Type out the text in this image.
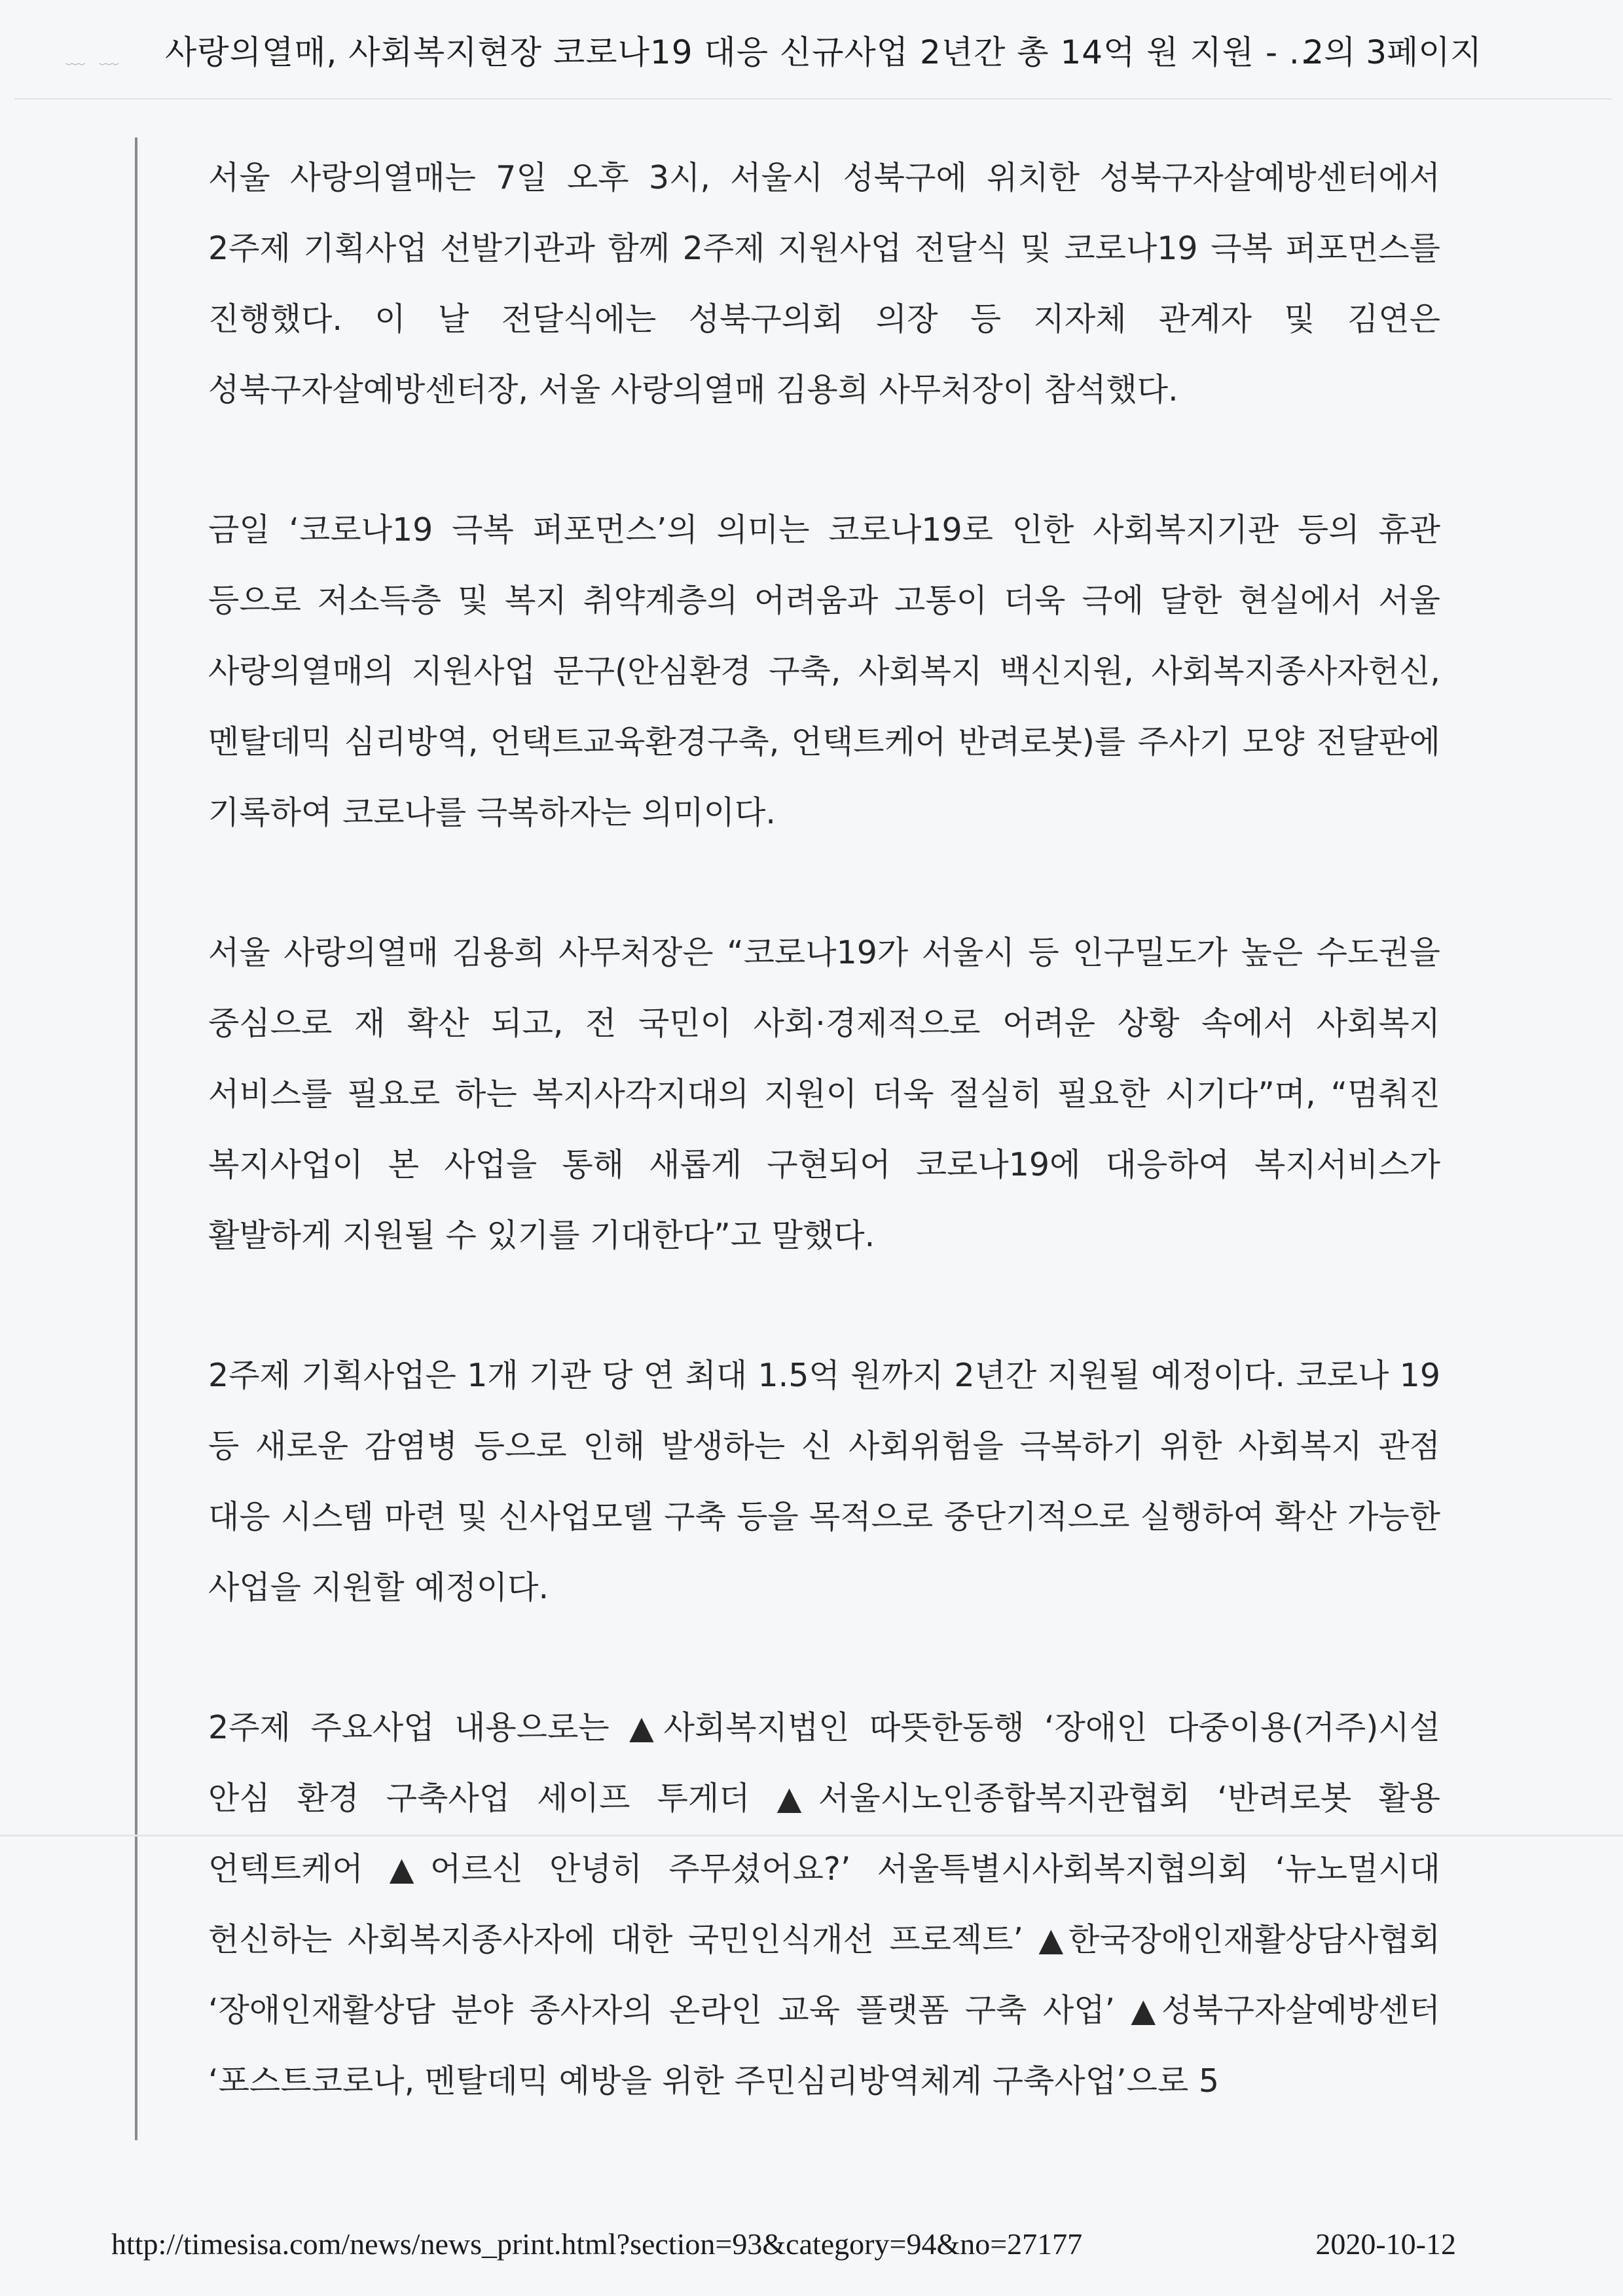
﹏ ﹏	사랑의열매, 사회복지현장 코로나19 대응 신규사업 2년간 총 14억 원 지원 - ...
2의 3페이지

서울 사랑의열매는 7일 오후 3시, 서울시 성북구에 위치한 성북구자살예방센터에서 2주제 기획사업 선발기관과 함께 2주제 지원사업 전달식 및 코로나19 극복 퍼포먼스를 진행했다. 이 날 전달식에는 성북구의회 의장 등 지자체 관계자 및 김연은 성북구자살예방센터장, 서울 사랑의열매 김용희 사무처장이 참석했다.

금일 ‘코로나19 극복 퍼포먼스’의 의미는 코로나19로 인한 사회복지기관 등의 휴관 등으로 저소득층 및 복지 취약계층의 어려움과 고통이 더욱 극에 달한 현실에서 서울 사랑의열매의 지원사업 문구(안심환경 구축, 사회복지 백신지원, 사회복지종사자헌신, 멘탈데믹 심리방역, 언택트교육환경구축, 언택트케어 반려로봇)를 주사기 모양 전달판에 기록하여 코로나를 극복하자는 의미이다.

서울 사랑의열매 김용희 사무처장은 “코로나19가 서울시 등 인구밀도가 높은 수도권을 중심으로 재 확산 되고, 전 국민이 사회·경제적으로 어려운 상황 속에서 사회복지 서비스를 필요로 하는 복지사각지대의 지원이 더욱 절실히 필요한 시기다”며, “멈춰진 복지사업이 본 사업을 통해 새롭게 구현되어 코로나19에 대응하여 복지서비스가 활발하게 지원될 수 있기를 기대한다”고 말했다.

2주제 기획사업은 1개 기관 당 연 최대 1.5억 원까지 2년간 지원될 예정이다. 코로나 19 등 새로운 감염병 등으로 인해 발생하는 신 사회위험을 극복하기 위한 사회복지 관점 대응 시스템 마련 및 신사업모델 구축 등을 목적으로 중단기적으로 실행하여 확산 가능한 사업을 지원할 예정이다.

2주제 주요사업 내용으로는 ▲사회복지법인 따뜻한동행 ‘장애인 다중이용(거주)시설 안심 환경 구축사업 세이프 투게더 ▲서울시노인종합복지관협회 ‘반려로봇 활용 언텍트케어 ▲어르신 안녕히 주무셨어요?’ 서울특별시사회복지협의회 ‘뉴노멀시대 헌신하는 사회복지종사자에 대한 국민인식개선 프로젝트’ ▲한국장애인재활상담사협회 ‘장애인재활상담 분야 종사자의 온라인 교육 플랫폼 구축 사업’ ▲성북구자살예방센터 ‘포스트코로나, 멘탈데믹 예방을 위한 주민심리방역체계 구축사업’으로 5

http://timesisa.com/news/news_print.html?section=93&category=94&no=27177	2020-10-12
